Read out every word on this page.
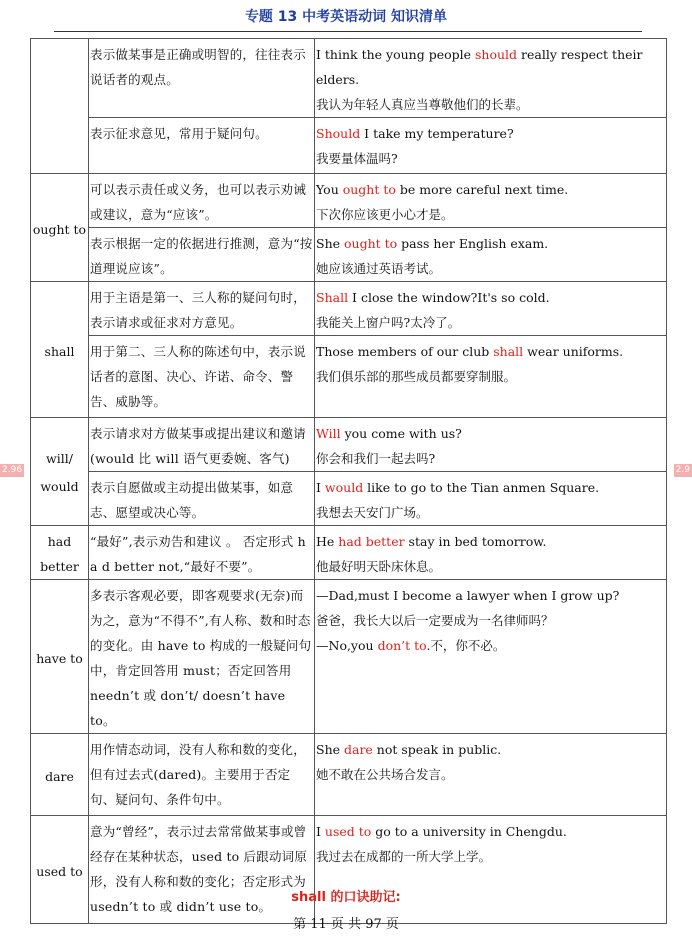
专题 13 中考英语动词 知识清单
2.96	2.9
	表示做某事是正确或明智的，往往表示说话者的观点。	I think the young people should really respect their elders.
我认为年轻人真应当尊敬他们的长辈。
	表示征求意见，常用于疑问句。	Should I take my temperature?
我要量体温吗?
ought to	可以表示责任或义务，也可以表示劝诫或建议，意为“应该”。	You ought to be more careful next time.
下次你应该更小心才是。
	表示根据一定的依据进行推测，意为“按道理说应该”。	She ought to pass her English exam.
她应该通过英语考试。
shall	用于主语是第一、三人称的疑问句时，表示请求或征求对方意见。	Shall I close the window?It's so cold.
我能关上窗户吗?太冷了。
	用于第二、三人称的陈述句中，表示说话者的意图、决心、许诺、命令、警告、威胁等。	Those members of our club shall wear uniforms.
我们俱乐部的那些成员都要穿制服。
will/
would	表示请求对方做某事或提出建议和邀请(would 比 will 语气更委婉、客气)	Will you come with us?
你会和我们一起去吗?
	表示自愿做或主动提出做某事，如意志、愿望或决心等。	I would like to go to the Tian anmen Square.
我想去天安门广场。
had better	“最好”,表示劝告和建议 。 否定形式 h a d better not,“最好不要”。	He had better stay in bed tomorrow.
他最好明天卧床休息。
have to	多表示客观必要，即客观要求(无奈)而为之，意为“不得不”,有人称、数和时态的变化。由 have to 构成的一般疑问句中，肯定回答用 must；否定回答用 needn’t 或 don’t/ doesn’t have to。	—Dad,must I become a lawyer when I grow up?
爸爸，我长大以后一定要成为一名律师吗？
—No,you don’t to.不，你不必。
dare	用作情态动词，没有人称和数的变化，但有过去式(dared)。主要用于否定句、疑问句、条件句中。	She dare not speak in public.
她不敢在公共场合发言。
used to	意为“曾经”，表示过去常常做某事或曾经存在某种状态，used to 后跟动词原形，没有人称和数的变化；否定形式为 usedn’t to 或 didn’t use to。	I used to go to a university in Chengdu.
我过去在成都的一所大学上学。
shall 的口诀助记:
第 11 页 共 97 页
